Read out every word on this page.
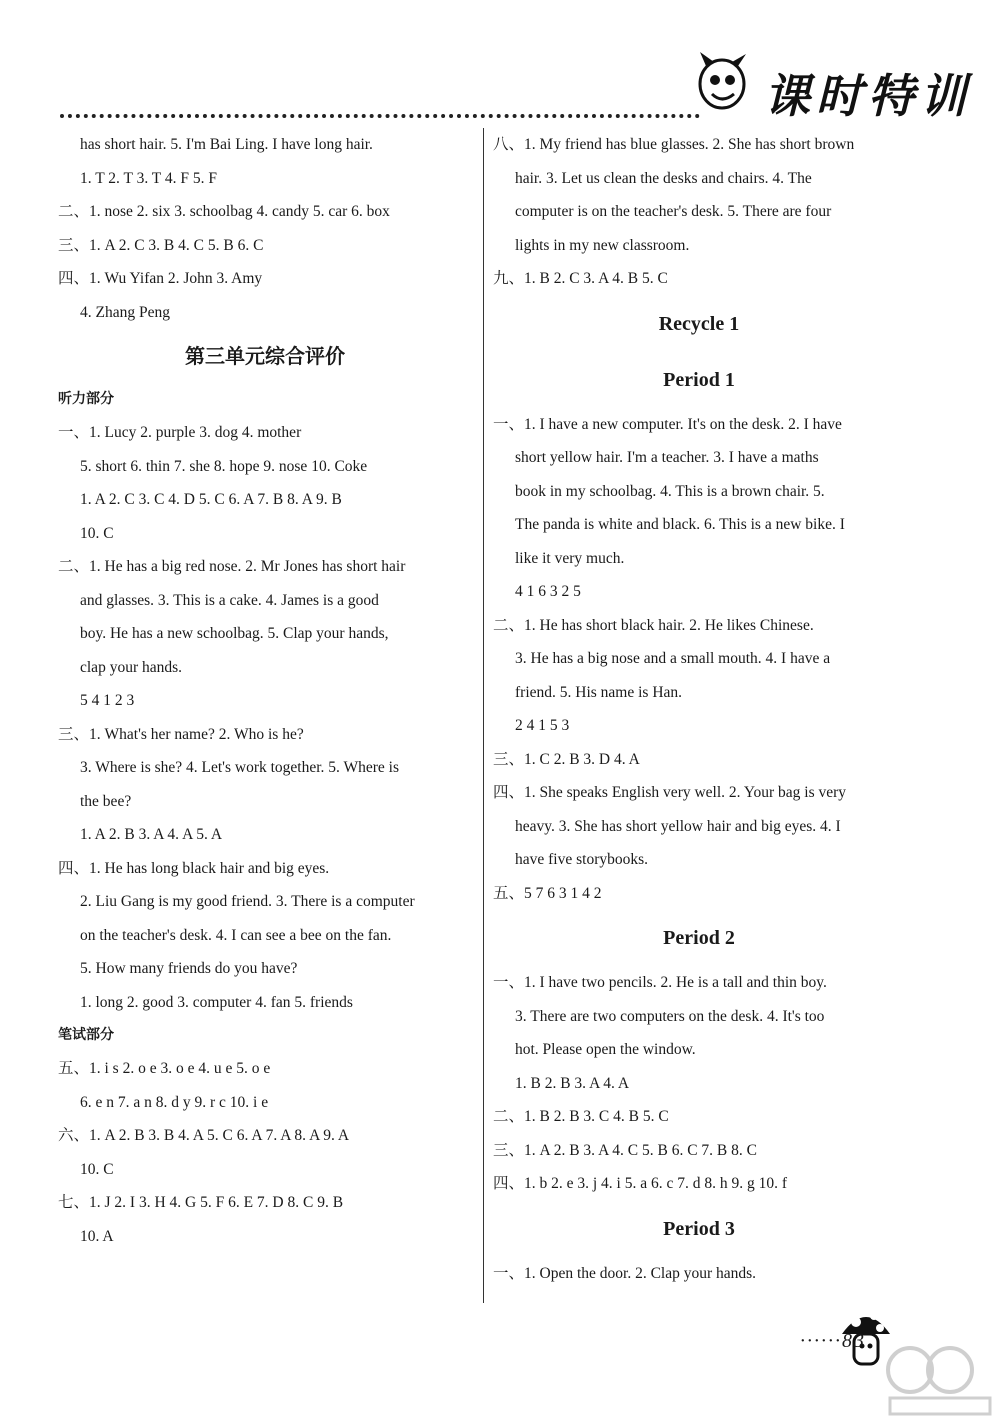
课时特训
has short hair. 5. I'm Bai Ling. I have long hair.
1. T 2. T 3. T 4. F 5. F
二、1. nose 2. six 3. schoolbag 4. candy 5. car 6. box
三、1. A 2. C 3. B 4. C 5. B 6. C
四、1. Wu Yifan 2. John 3. Amy
4. Zhang Peng
第三单元综合评价
听力部分
一、1. Lucy 2. purple 3. dog 4. mother
5. short 6. thin 7. she 8. hope 9. nose 10. Coke
1. A 2. C 3. C 4. D 5. C 6. A 7. B 8. A 9. B
10. C
二、1. He has a big red nose. 2. Mr Jones has short hair
and glasses. 3. This is a cake. 4. James is a good
boy. He has a new schoolbag. 5. Clap your hands,
clap your hands.
5 4 1 2 3
三、1. What's her name? 2. Who is he?
3. Where is she? 4. Let's work together. 5. Where is
the bee?
1. A 2. B 3. A 4. A 5. A
四、1. He has long black hair and big eyes.
2. Liu Gang is my good friend. 3. There is a computer
on the teacher's desk. 4. I can see a bee on the fan.
5. How many friends do you have?
1. long 2. good 3. computer 4. fan 5. friends
笔试部分
五、1. i s 2. o e 3. o e 4. u e 5. o e
6. e n 7. a n 8. d y 9. r c 10. i e
六、1. A 2. B 3. B 4. A 5. C 6. A 7. A 8. A 9. A
10. C
七、1. J 2. I 3. H 4. G 5. F 6. E 7. D 8. C 9. B
10. A
八、1. My friend has blue glasses. 2. She has short brown
hair. 3. Let us clean the desks and chairs. 4. The
computer is on the teacher's desk. 5. There are four
lights in my new classroom.
九、1. B 2. C 3. A 4. B 5. C
Recycle 1
Period 1
一、1. I have a new computer. It's on the desk. 2. I have
short yellow hair. I'm a teacher. 3. I have a maths
book in my schoolbag. 4. This is a brown chair. 5.
The panda is white and black. 6. This is a new bike. I
like it very much.
4 1 6 3 2 5
二、1. He has short black hair. 2. He likes Chinese.
3. He has a big nose and a small mouth. 4. I have a
friend. 5. His name is Han.
2 4 1 5 3
三、1. C 2. B 3. D 4. A
四、1. She speaks English very well. 2. Your bag is very
heavy. 3. She has short yellow hair and big eyes. 4. I
have five storybooks.
五、5 7 6 3 1 4 2
Period 2
一、1. I have two pencils. 2. He is a tall and thin boy.
3. There are two computers on the desk. 4. It's too
hot. Please open the window.
1. B 2. B 3. A 4. A
二、1. B 2. B 3. C 4. B 5. C
三、1. A 2. B 3. A 4. C 5. B 6. C 7. B 8. C
四、1. b 2. e 3. j 4. i 5. a 6. c 7. d 8. h 9. g 10. f
Period 3
一、1. Open the door. 2. Clap your hands.
······83
